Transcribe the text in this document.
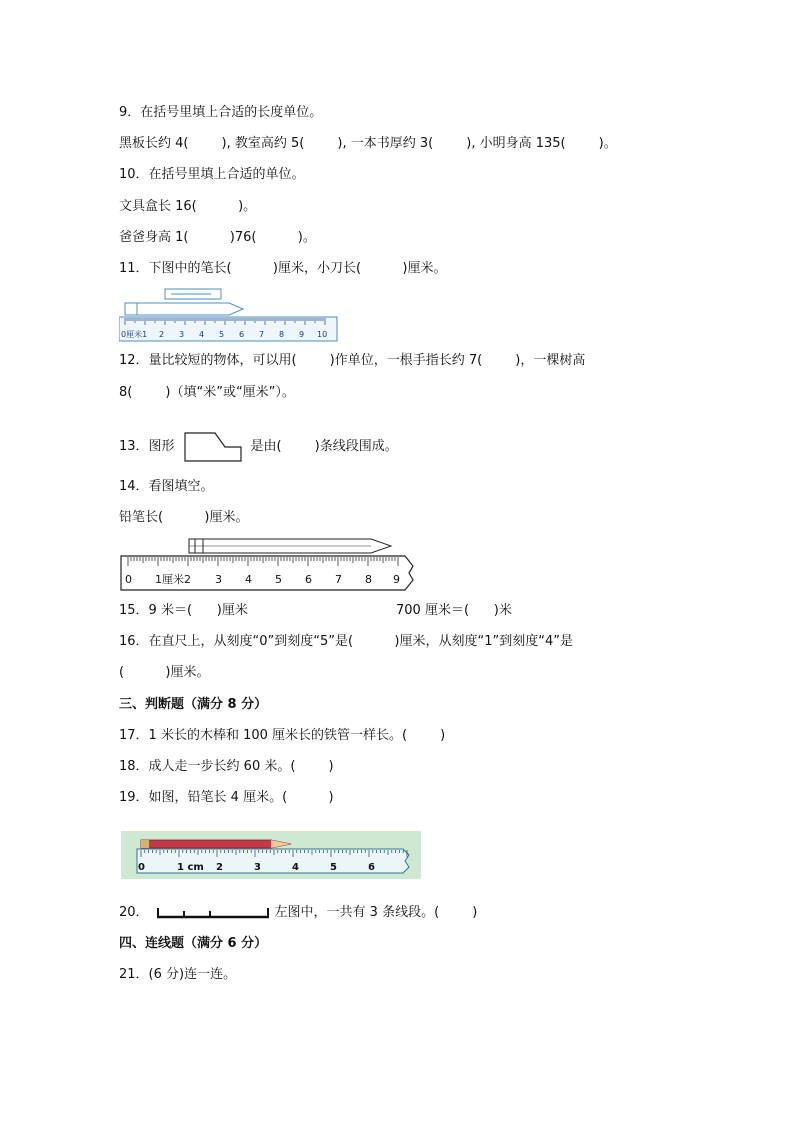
9．在括号里填上合适的长度单位。
黑板长约 4(        ), 教室高约 5(        ), 一本书厚约 3(        ), 小明身高 135(        )。
10．在括号里填上合适的单位。
文具盒长 16(          )。
爸爸身高 1(          )76(          )。
11．下图中的笔长(          )厘米，小刀长(          )厘米。
0厘米1 2 3 4 5 6 7 8 9 10
12．量比较短的物体，可以用(        )作单位，一根手指长约 7(        )，一棵树高
8(        )（填“米”或“厘米”）。
13．图形	是由(        )条线段围成。
14．看图填空。
铅笔长(          )厘米。
0 1厘米2 3 4 5 6 7 8 9
15．9 米＝(      )厘米	700 厘米＝(      )米
16．在直尺上，从刻度“0”到刻度“5”是(          )厘米，从刻度“1”到刻度“4”是
(          )厘米。
三、判断题（满分 8 分）
17．1 米长的木棒和 100 厘米长的铁管一样长。(        )
18．成人走一步长约 60 米。(        )
19．如图，铅笔长 4 厘米。(          )
0	1 cm 2	3	4	5	6
20．	左图中，一共有 3 条线段。(        )
四、连线题（满分 6 分）
21．(6 分)连一连。
